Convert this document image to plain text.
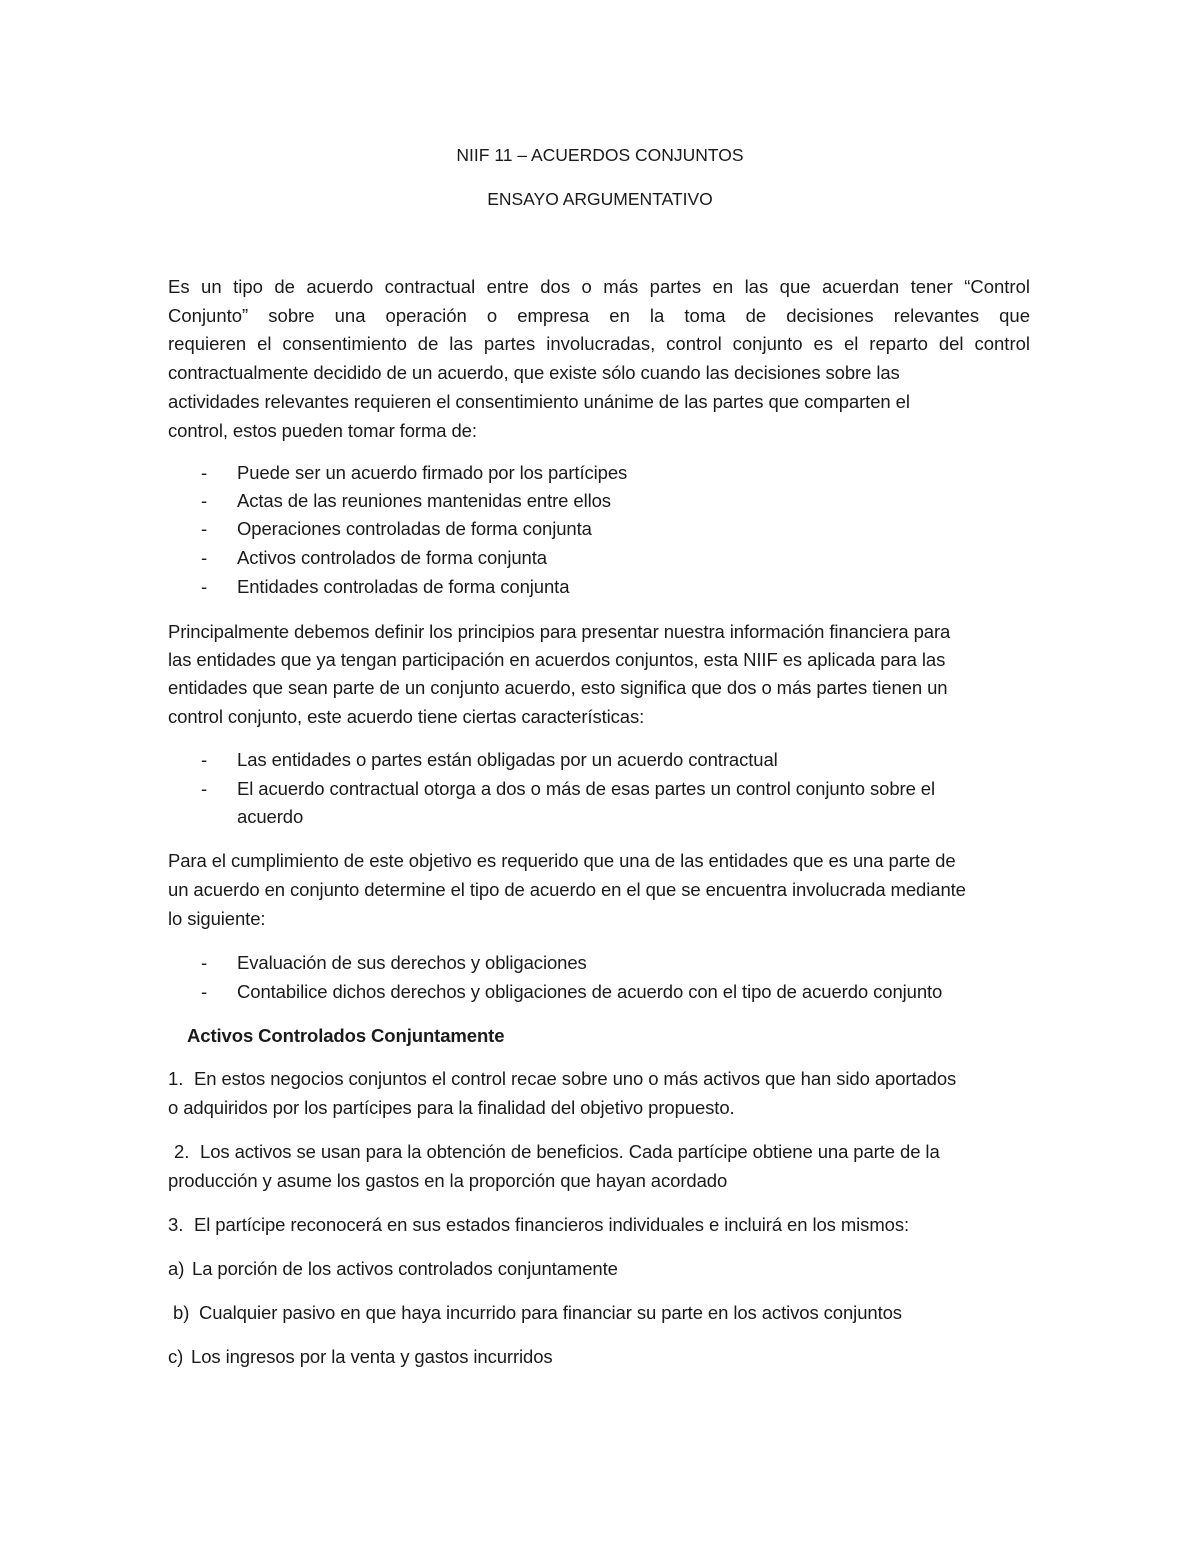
NIIF 11 – ACUERDOS CONJUNTOS
ENSAYO ARGUMENTATIVO
Es un tipo de acuerdo contractual entre dos o más partes en las que acuerdan tener “Control
Conjunto” sobre una operación o empresa en la toma de decisiones relevantes que
requieren el consentimiento de las partes involucradas, control conjunto es el reparto del control
contractualmente decidido de un acuerdo, que existe sólo cuando las decisiones sobre las
actividades relevantes requieren el consentimiento unánime de las partes que comparten el
control, estos pueden tomar forma de:
- Puede ser un acuerdo firmado por los partícipes
- Actas de las reuniones mantenidas entre ellos
- Operaciones controladas de forma conjunta
- Activos controlados de forma conjunta
- Entidades controladas de forma conjunta
Principalmente debemos definir los principios para presentar nuestra información financiera para
las entidades que ya tengan participación en acuerdos conjuntos, esta NIIF es aplicada para las
entidades que sean parte de un conjunto acuerdo, esto significa que dos o más partes tienen un
control conjunto, este acuerdo tiene ciertas características:
- Las entidades o partes están obligadas por un acuerdo contractual
- El acuerdo contractual otorga a dos o más de esas partes un control conjunto sobre el
acuerdo
Para el cumplimiento de este objetivo es requerido que una de las entidades que es una parte de
un acuerdo en conjunto determine el tipo de acuerdo en el que se encuentra involucrada mediante
lo siguiente:
- Evaluación de sus derechos y obligaciones
- Contabilice dichos derechos y obligaciones de acuerdo con el tipo de acuerdo conjunto
Activos Controlados Conjuntamente
1. En estos negocios conjuntos el control recae sobre uno o más activos que han sido aportados
o adquiridos por los partícipes para la finalidad del objetivo propuesto.
2. Los activos se usan para la obtención de beneficios. Cada partícipe obtiene una parte de la
producción y asume los gastos en la proporción que hayan acordado
3. El partícipe reconocerá en sus estados financieros individuales e incluirá en los mismos:
a) La porción de los activos controlados conjuntamente
b) Cualquier pasivo en que haya incurrido para financiar su parte en los activos conjuntos
c) Los ingresos por la venta y gastos incurridos
